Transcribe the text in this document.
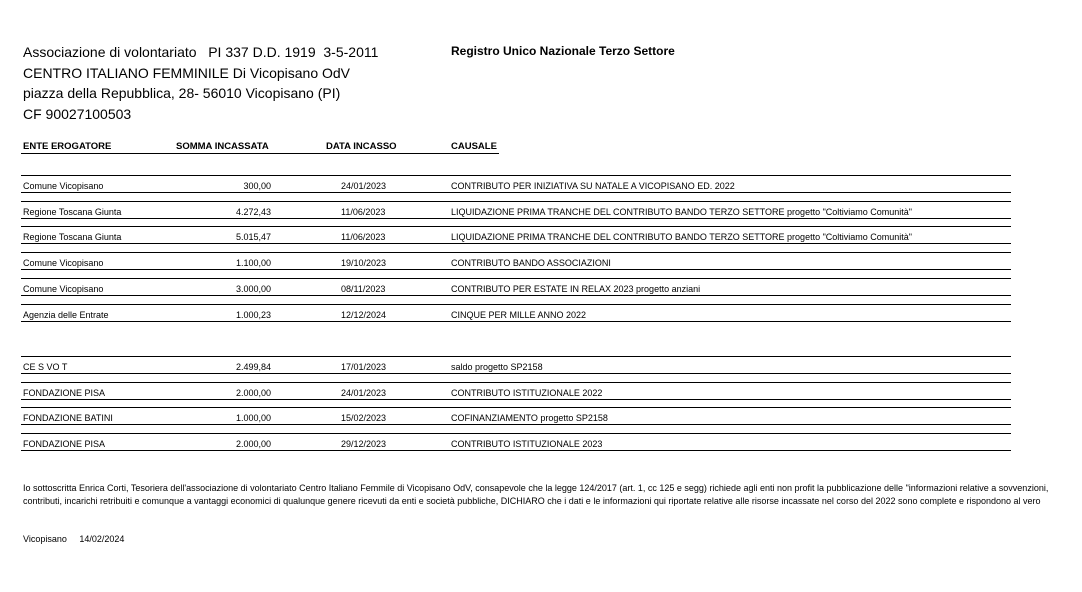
Associazione di volontariato   PI 337 D.D. 1919  3-5-2011
CENTRO ITALIANO FEMMINILE Di Vicopisano OdV
piazza della Repubblica, 28- 56010 Vicopisano (PI)
CF 90027100503
Registro Unico Nazionale Terzo Settore
ENTE EROGATORE	SOMMA INCASSATA	DATA INCASSO	CAUSALE
Comune Vicopisano	300,00	24/01/2023	CONTRIBUTO PER INIZIATIVA SU NATALE A VICOPISANO ED. 2022
Regione Toscana Giunta	4.272,43	11/06/2023	LIQUIDAZIONE PRIMA TRANCHE DEL CONTRIBUTO BANDO TERZO SETTORE progetto "Coltiviamo Comunità"
Regione Toscana Giunta	5.015,47	11/06/2023	LIQUIDAZIONE PRIMA TRANCHE DEL CONTRIBUTO BANDO TERZO SETTORE progetto "Coltiviamo Comunità"
Comune Vicopisano	1.100,00	19/10/2023	CONTRIBUTO BANDO ASSOCIAZIONI
Comune Vicopisano	3.000,00	08/11/2023	CONTRIBUTO PER ESTATE IN RELAX 2023 progetto anziani
Agenzia delle Entrate	1.000,23	12/12/2024	CINQUE PER MILLE ANNO 2022
CE S VO T	2.499,84	17/01/2023	saldo progetto SP2158
FONDAZIONE PISA	2.000,00	24/01/2023	CONTRIBUTO ISTITUZIONALE 2022
FONDAZIONE BATINI	1.000,00	15/02/2023	COFINANZIAMENTO progetto SP2158
FONDAZIONE PISA	2.000,00	29/12/2023	CONTRIBUTO ISTITUZIONALE 2023
Io sottoscritta Enrica Corti, Tesoriera dell'associazione di volontariato Centro Italiano Femmile di Vicopisano OdV, consapevole che la legge 124/2017 (art. 1, cc 125 e segg) richiede agli enti non profit la pubblicazione delle "informazioni relative a sovvenzioni, contributi, incarichi retribuiti e comunque a vantaggi economici di qualunque genere ricevuti da enti e società pubbliche, DICHIARO che i dati e le informazioni qui riportate relative alle risorse incassate nel corso del 2022 sono complete e rispondono al vero
Vicopisano 14/02/2024
